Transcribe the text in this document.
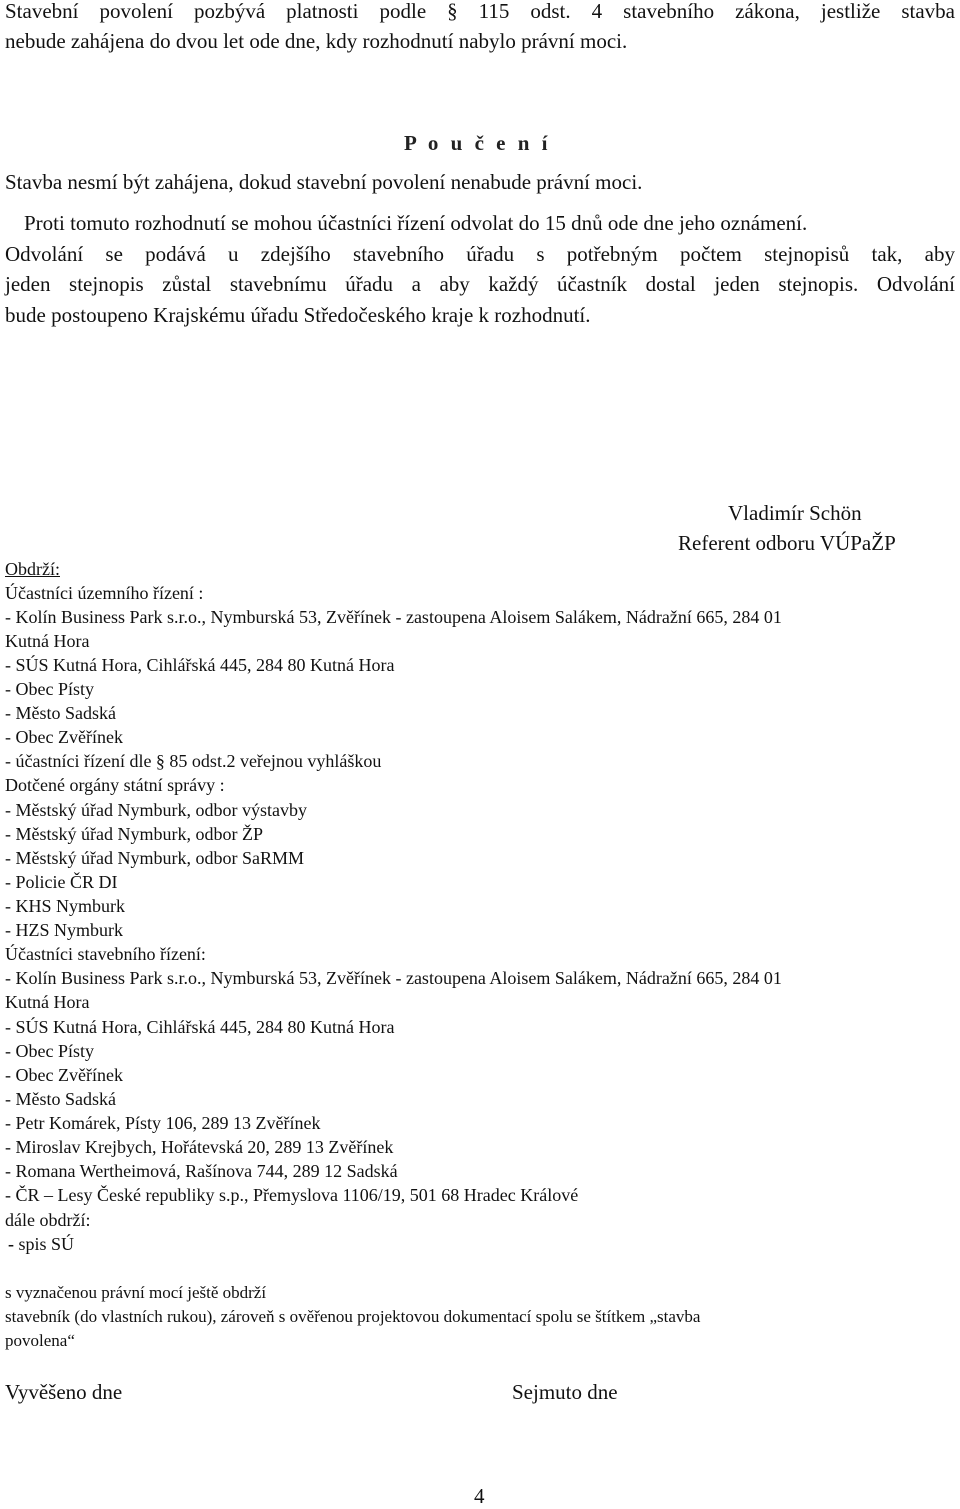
Stavební povolení pozbývá platnosti podle § 115 odst. 4 stavebního zákona, jestliže stavba
nebude zahájena do dvou let ode dne, kdy rozhodnutí nabylo právní moci.
P o u č e n í
Stavba nesmí být zahájena, dokud stavební povolení nenabude právní moci.
Proti tomuto rozhodnutí se mohou účastníci řízení odvolat do 15 dnů ode dne jeho oznámení.
Odvolání se podává u zdejšího stavebního úřadu s potřebným počtem stejnopisů tak, aby
jeden stejnopis zůstal stavebnímu úřadu a aby každý účastník dostal jeden stejnopis. Odvolání
bude postoupeno Krajskému úřadu Středočeského kraje k rozhodnutí.
Vladimír Schön
Referent odboru VÚPaŽP
Obdrží:
Účastníci územního řízení :
- Kolín Business Park s.r.o., Nymburská 53, Zvěřínek - zastoupena Aloisem Salákem, Nádražní 665, 284 01
Kutná Hora
- SÚS Kutná Hora, Cihlářská 445, 284 80 Kutná Hora
- Obec Písty
- Město Sadská
- Obec Zvěřínek
- účastníci řízení dle § 85 odst.2 veřejnou vyhláškou
Dotčené orgány státní správy :
- Městský úřad Nymburk, odbor výstavby
- Městský úřad Nymburk, odbor ŽP
- Městský úřad Nymburk, odbor SaRMM
- Policie ČR DI
- KHS Nymburk
- HZS Nymburk
Účastníci stavebního řízení:
- Kolín Business Park s.r.o., Nymburská 53, Zvěřínek - zastoupena Aloisem Salákem, Nádražní 665, 284 01
Kutná Hora
- SÚS Kutná Hora, Cihlářská 445, 284 80 Kutná Hora
- Obec Písty
- Obec Zvěřínek
- Město Sadská
- Petr Komárek, Písty 106, 289 13 Zvěřínek
- Miroslav Krejbych, Hořátevská 20, 289 13 Zvěřínek
- Romana Wertheimová, Rašínova 744, 289 12 Sadská
- ČR – Lesy České republiky s.p., Přemyslova 1106/19, 501 68 Hradec Králové
dále obdrží:
- spis SÚ
s vyznačenou právní mocí ještě obdrží
stavebník (do vlastních rukou), zároveň s ověřenou projektovou dokumentací spolu se štítkem „stavba
povolena“
Vyvěšeno dne	Sejmuto dne
4
